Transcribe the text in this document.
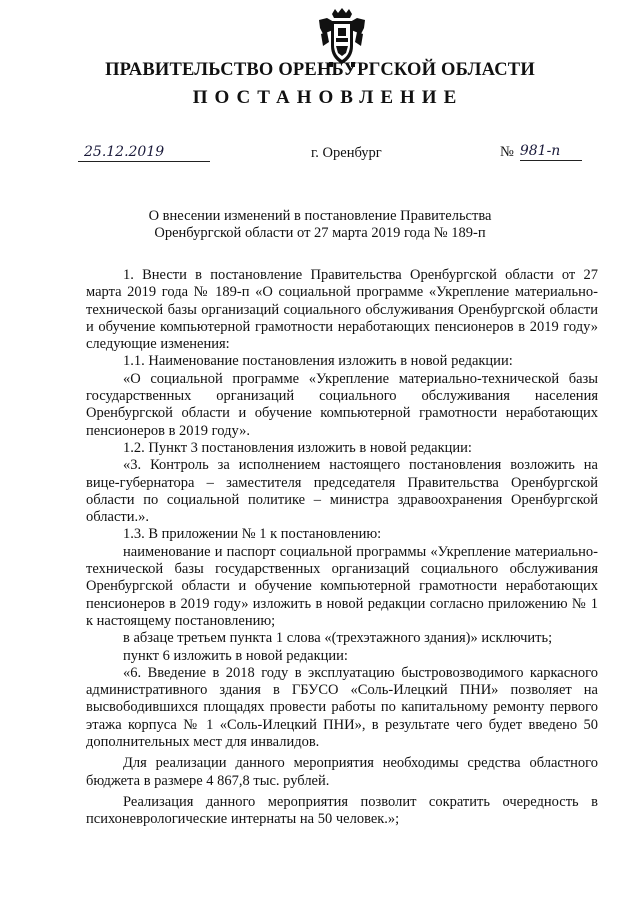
ПРАВИТЕЛЬСТВО ОРЕНБУРГСКОЙ ОБЛАСТИ
ПОСТАНОВЛЕНИЕ
25.12.2019	г. Оренбург	№ 981-п
О внесении изменений в постановление Правительства
Оренбургской области от 27 марта 2019 года № 189-п

1. Внести в постановление Правительства Оренбургской области от 27 марта 2019 года № 189-п «О социальной программе «Укрепление материально-технической базы организаций социального обслуживания Оренбургской области и обучение компьютерной грамотности неработающих пенсионеров в 2019 году» следующие изменения:

1.1. Наименование постановления изложить в новой редакции:

«О социальной программе «Укрепление материально-технической базы государственных организаций социального обслуживания населения Оренбургской области и обучение компьютерной грамотности неработающих пенсионеров в 2019 году».

1.2. Пункт 3 постановления изложить в новой редакции:

«3. Контроль за исполнением настоящего постановления возложить на вице-губернатора – заместителя председателя Правительства Оренбургской области по социальной политике – министра здравоохранения Оренбургской области.».

1.3. В приложении № 1 к постановлению:

наименование и паспорт социальной программы «Укрепление материально-технической базы государственных организаций социального обслуживания Оренбургской области и обучение компьютерной грамотности неработающих пенсионеров в 2019 году» изложить в новой редакции согласно приложению № 1 к настоящему постановлению;

в абзаце третьем пункта 1 слова «(трехэтажного здания)» исключить;

пункт 6 изложить в новой редакции:

«6. Введение в 2018 году в эксплуатацию быстровозводимого каркасного административного здания в ГБУСО «Соль-Илецкий ПНИ» позволяет на высвободившихся площадях провести работы по капитальному ремонту первого этажа корпуса № 1 «Соль-Илецкий ПНИ», в результате чего будет введено 50 дополнительных мест для инвалидов.

Для реализации данного мероприятия необходимы средства областного бюджета в размере 4 867,8 тыс. рублей.

Реализация данного мероприятия позволит сократить очередность в психоневрологические интернаты на 50 человек.»;
